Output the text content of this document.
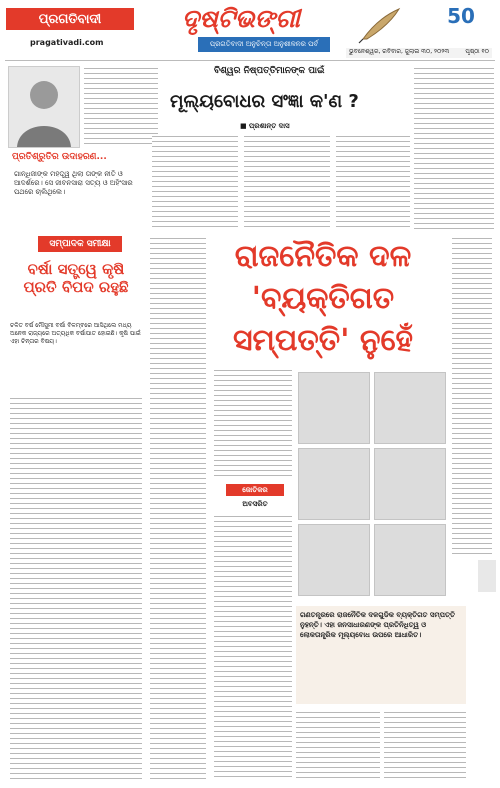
ପ୍ରଗତିବାଦୀ
pragativadi.com
ଦୃଷ୍ଟିଭଙ୍ଗୀ
ପ୍ରଗତିବାଦୀ ଅନୁଚିନ୍ତା ଅନୁଶୀଳନର ପର୍ବ
50
ଭୁବନେଶ୍ୱର, ରବିବାର, ଜୁଲାଇ ୩୦, ୨୦୨୩	ପୃଷ୍ଠା ୧୦
ବିଶ୍ୱର ନିଷ୍ପତ୍ତିମାନଙ୍କ ପାଇଁ
ମୂଲ୍ୟବୋଧର ସଂଜ୍ଞା କ'ଣ ?
■ ପ୍ରଶାନ୍ତ ଦାସ
ପ୍ରତିଶ୍ରୁତିର ଉଦାହରଣ...
ଗାନ୍ଧିଜୀଙ୍କ ମହତ୍ତ୍ୱ ଥିଲା ତାଙ୍କ ନୀତି ଓ ଆଦର୍ଶରେ। ସେ ଜୀବନସାରା ସତ୍ୟ ଓ ଅହିଂସାର ପଥରେ ଚାଲିଥିଲେ।
ସମ୍ପାଦକ ସମୀକ୍ଷା
ବର୍ଷା ସତ୍ତ୍ୱେ କୃଷି ପ୍ରତି ବିପଦ ରହୁଛି
ଚଳିତ ବର୍ଷ ମୌସୁମୀ ବର୍ଷା ବିଳମ୍ବରେ ଆସିଥିଲେ ମଧ୍ୟ ଅନେକ ରାଜ୍ୟରେ ଅତ୍ୟଧିକ ବର୍ଷାପାତ ହୋଇଛି। କୃଷି ପାଇଁ ଏହା ଚିନ୍ତାର ବିଷୟ।
ରାଜନୈତିକ ଦଳ 'ବ୍ୟକ୍ତିଗତ ସମ୍ପତ୍ତି' ନୁହେଁ
ଜୋତିକର
ଅବସରିତ
ଗଣତନ୍ତ୍ରରେ ରାଜନୈତିକ ଦଳଗୁଡିକ ବ୍ୟକ୍ତିଗତ ସମ୍ପତ୍ତି ନୁହନ୍ତି। ଏହା ଜନସାଧାରଣଙ୍କ ପ୍ରତିନିଧିତ୍ୱ ଓ ଲୋକତାନ୍ତ୍ରିକ ମୂଲ୍ୟବୋଧ ଉପରେ ଆଧାରିତ।
